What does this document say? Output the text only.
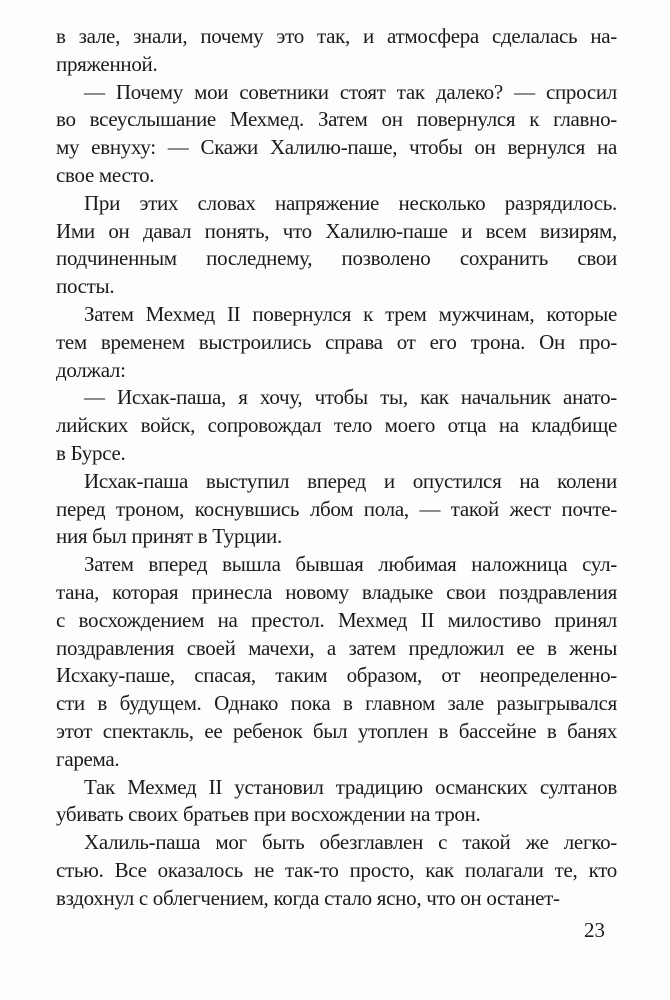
в зале, знали, почему это так, и атмосфера сделалась на-
пряженной.
— Почему мои советники стоят так далеко? — спросил
во всеуслышание Мехмед. Затем он повернулся к главно-
му евнуху: — Скажи Халилю-паше, чтобы он вернулся на
свое место.
При этих словах напряжение несколько разрядилось.
Ими он давал понять, что Халилю-паше и всем визирям,
подчиненным последнему, позволено сохранить свои
посты.
Затем Мехмед II повернулся к трем мужчинам, которые
тем временем выстроились справа от его трона. Он про-
должал:
— Исхак-паша, я хочу, чтобы ты, как начальник анато-
лийских войск, сопровождал тело моего отца на кладбище
в Бурсе.
Исхак-паша выступил вперед и опустился на колени
перед троном, коснувшись лбом пола, — такой жест почте-
ния был принят в Турции.
Затем вперед вышла бывшая любимая наложница сул-
тана, которая принесла новому владыке свои поздравления
с восхождением на престол. Мехмед II милостиво принял
поздравления своей мачехи, а затем предложил ее в жены
Исхаку-паше, спасая, таким образом, от неопределенно-
сти в будущем. Однако пока в главном зале разыгрывался
этот спектакль, ее ребенок был утоплен в бассейне в банях
гарема.
Так Мехмед II установил традицию османских султанов
убивать своих братьев при восхождении на трон.
Халиль-паша мог быть обезглавлен с такой же легко-
стью. Все оказалось не так-то просто, как полагали те, кто
вздохнул с облегчением, когда стало ясно, что он останет-
23
